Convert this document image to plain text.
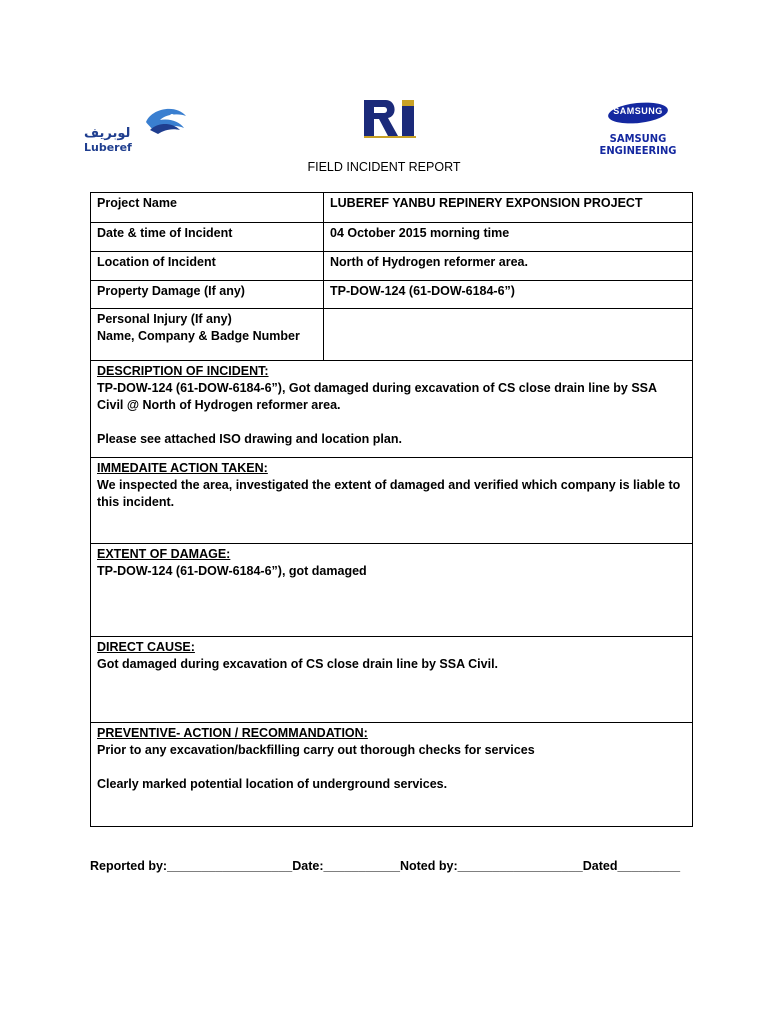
لوبريف
Luberef
SAMSUNG
SAMSUNG ENGINEERING
FIELD INCIDENT REPORT
Project Name	LUBEREF YANBU REPINERY EXPONSION PROJECT
Date & time of Incident	04 October 2015 morning time
Location of Incident	North of Hydrogen reformer area.
Property Damage (If any)	TP-DOW-124 (61-DOW-6184-6”)

Personal Injury (If any)
Name, Company & Badge Number	

DESCRIPTION OF INCIDENT:
TP-DOW-124 (61-DOW-6184-6”), Got damaged during excavation of CS close drain line by SSA Civil @ North of Hydrogen reformer area.
Please see attached ISO drawing and location plan.	

IMMEDAITE ACTION TAKEN:
We inspected the area, investigated the extent of damaged and verified which company is liable to this incident.	

EXTENT OF DAMAGE:
TP-DOW-124 (61-DOW-6184-6”), got damaged	

DIRECT CAUSE:
Got damaged during excavation of CS close drain line by SSA Civil.	

PREVENTIVE- ACTION / RECOMMANDATION:
Prior to any excavation/backfilling carry out thorough checks for services
Clearly marked potential location of underground services.	
Reported by:__________________Date:___________Noted by:__________________Dated_________
